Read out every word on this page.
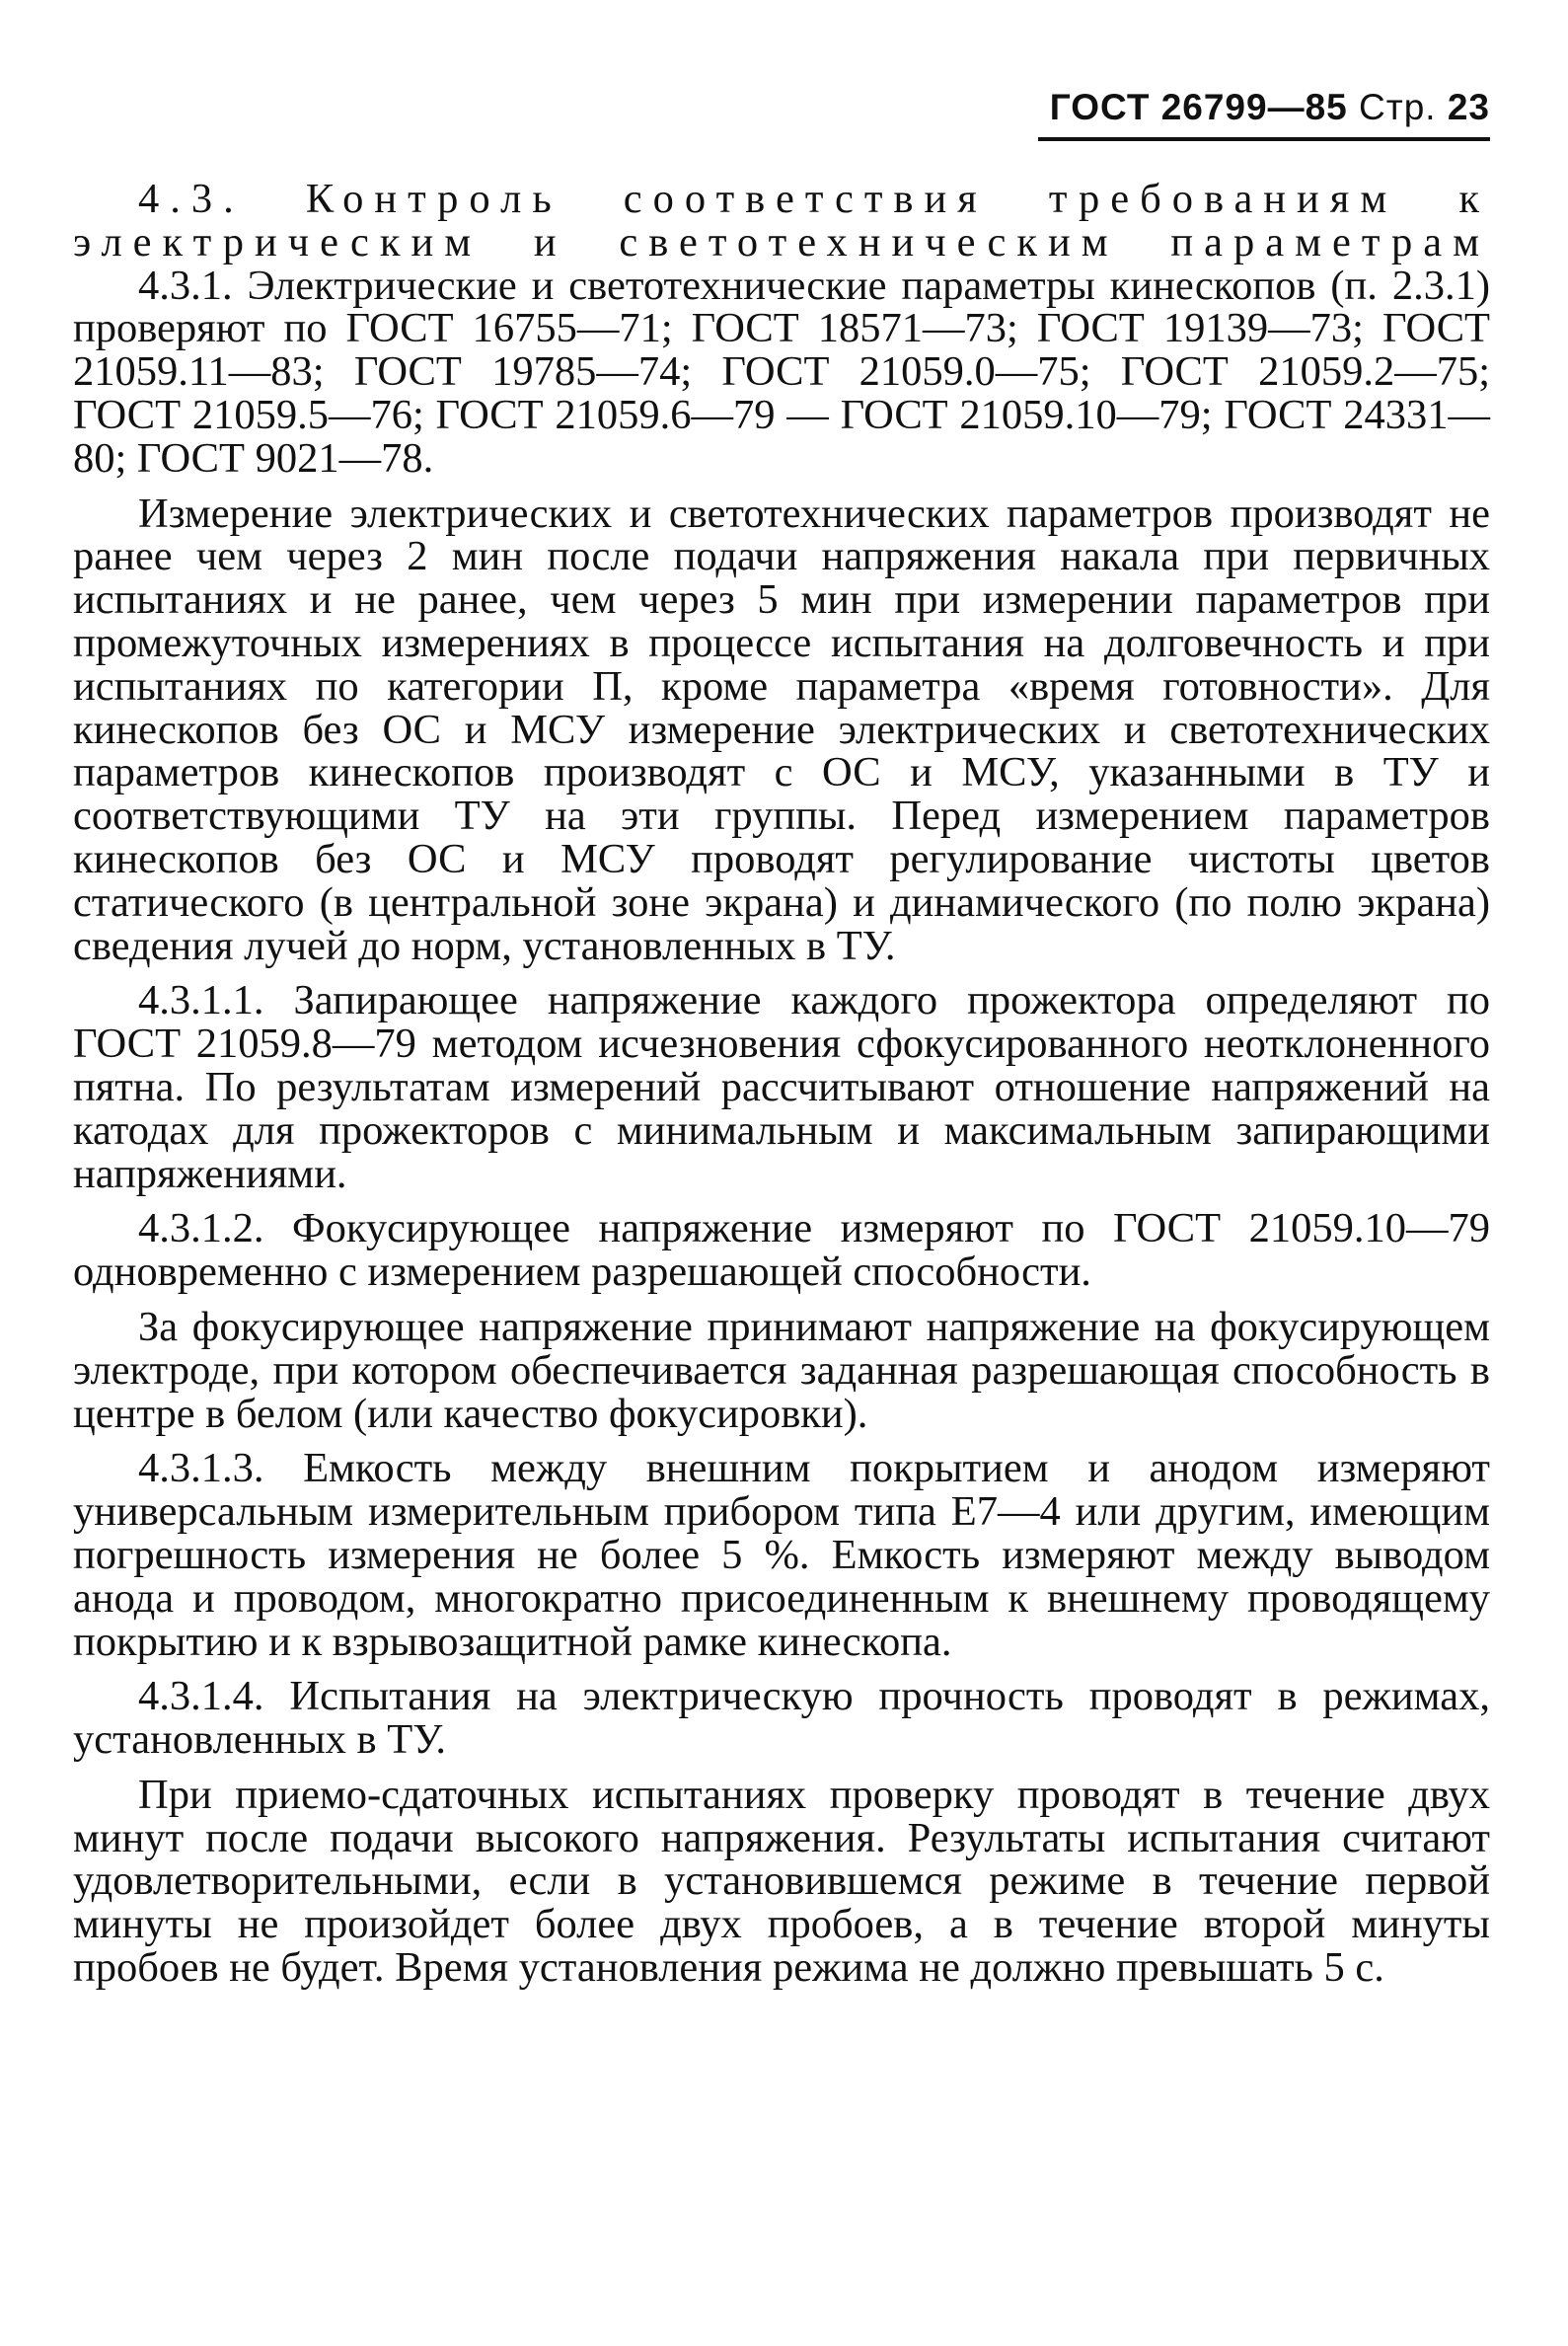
ГОСТ 26799—85 Стр. 23

4.3. Контроль соответствия требованиям к электрическим и светотехническим параметрам

4.3.1. Электрические и светотехнические параметры кинескопов (п. 2.3.1) проверяют по ГОСТ 16755—71; ГОСТ 18571—73; ГОСТ 19139—73; ГОСТ 21059.11—83; ГОСТ 19785—74; ГОСТ 21059.0—75; ГОСТ 21059.2—75; ГОСТ 21059.5—76; ГОСТ 21059.6—79 — ГОСТ 21059.10—79; ГОСТ 24331—80; ГОСТ 9021—78.

Измерение электрических и светотехнических параметров производят не ранее чем через 2 мин после подачи напряжения накала при первичных испытаниях и не ранее, чем через 5 мин при измерении параметров при промежуточных измерениях в процессе испытания на долговечность и при испытаниях по категории П, кроме параметра «время готовности». Для кинескопов без ОС и МСУ измерение электрических и светотехнических параметров кинескопов производят с ОС и МСУ, указанными в ТУ и соответствующими ТУ на эти группы. Перед измерением параметров кинескопов без ОС и МСУ проводят регулирование чистоты цветов статического (в центральной зоне экрана) и динамического (по полю экрана) сведения лучей до норм, установленных в ТУ.

4.3.1.1. Запирающее напряжение каждого прожектора определяют по ГОСТ 21059.8—79 методом исчезновения сфокусированного неотклоненного пятна. По результатам измерений рассчитывают отношение напряжений на катодах для прожекторов с минимальным и максимальным запирающими напряжениями.

4.3.1.2. Фокусирующее напряжение измеряют по ГОСТ 21059.10—79 одновременно с измерением разрешающей способности.

За фокусирующее напряжение принимают напряжение на фокусирующем электроде, при котором обеспечивается заданная разрешающая способность в центре в белом (или качество фокусировки).

4.3.1.3. Емкость между внешним покрытием и анодом измеряют универсальным измерительным прибором типа Е7—4 или другим, имеющим погрешность измерения не более 5 %. Емкость измеряют между выводом анода и проводом, многократно присоединенным к внешнему проводящему покрытию и к взрывозащитной рамке кинескопа.

4.3.1.4. Испытания на электрическую прочность проводят в режимах, установленных в ТУ.

При приемо-сдаточных испытаниях проверку проводят в течение двух минут после подачи высокого напряжения. Результаты испытания считают удовлетворительными, если в установившемся режиме в течение первой минуты не произойдет более двух пробоев, а в течение второй минуты пробоев не будет. Время установления режима не должно превышать 5 с.
